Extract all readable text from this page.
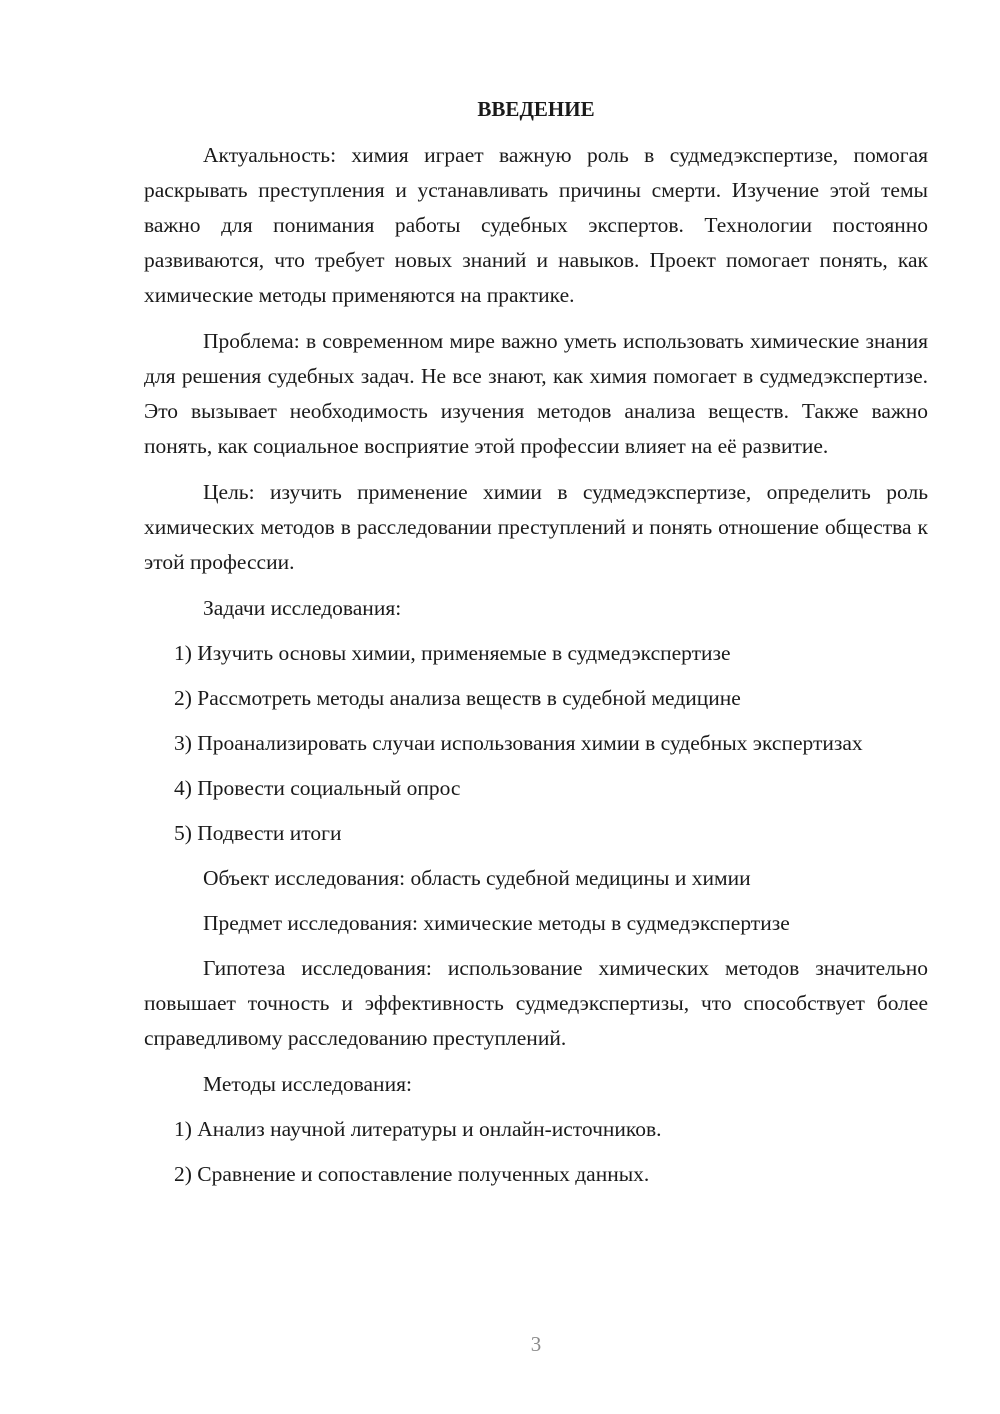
ВВЕДЕНИЕ

Актуальность: химия играет важную роль в судмедэкспертизе, помогая раскрывать преступления и устанавливать причины смерти. Изучение этой темы важно для понимания работы судебных экспертов. Технологии постоянно развиваются, что требует новых знаний и навыков. Проект помогает понять, как химические методы применяются на практике.

Проблема: в современном мире важно уметь использовать химические знания для решения судебных задач. Не все знают, как химия помогает в судмедэкспертизе. Это вызывает необходимость изучения методов анализа веществ. Также важно понять, как социальное восприятие этой профессии влияет на её развитие.

Цель: изучить применение химии в судмедэкспертизе, определить роль химических методов в расследовании преступлений и понять отношение общества к этой профессии.

Задачи исследования:

1) Изучить основы химии, применяемые в судмедэкспертизе

2) Рассмотреть методы анализа веществ в судебной медицине

3) Проанализировать случаи использования химии в судебных экспертизах

4) Провести социальный опрос

5) Подвести итоги

Объект исследования: область судебной медицины и химии

Предмет исследования: химические методы в судмедэкспертизе

Гипотеза исследования: использование химических методов значительно повышает точность и эффективность судмедэкспертизы, что способствует более справедливому расследованию преступлений.

Методы исследования:

1) Анализ научной литературы и онлайн-источников.

2) Сравнение и сопоставление полученных данных.

3
